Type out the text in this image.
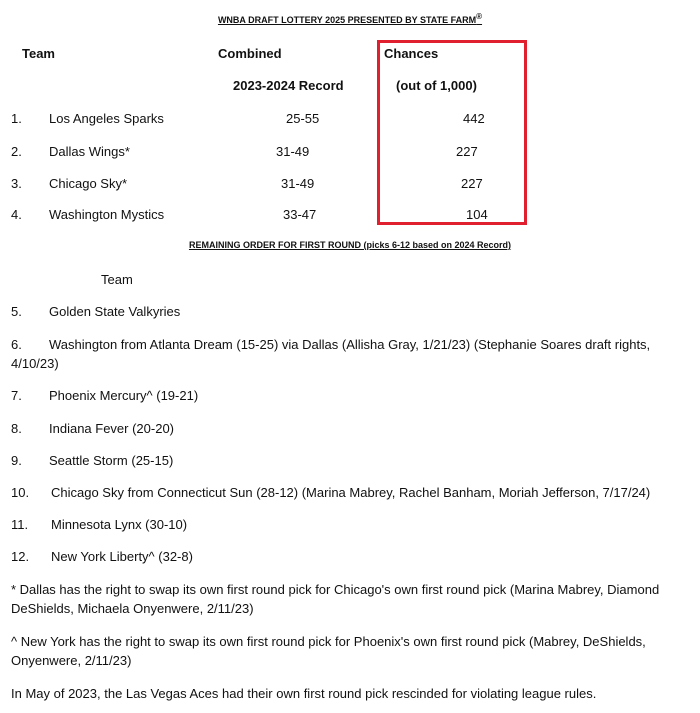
WNBA DRAFT LOTTERY 2025 PRESENTED BY STATE FARM®
Team	Combined	Chances
2023-2024 Record	(out of 1,000)
1. Los Angeles Sparks	25-55	442
2. Dallas Wings*	31-49	227
3. Chicago Sky*	31-49	227
4. Washington Mystics	33-47	104
REMAINING ORDER FOR FIRST ROUND (picks 6-12 based on 2024 Record)
Team
5. Golden State Valkyries
6. Washington from Atlanta Dream (15-25) via Dallas (Allisha Gray, 1/21/23) (Stephanie Soares draft rights,
4/10/23)
7. Phoenix Mercury^ (19-21)
8. Indiana Fever (20-20)
9. Seattle Storm (25-15)
10. Chicago Sky from Connecticut Sun (28-12) (Marina Mabrey, Rachel Banham, Moriah Jefferson, 7/17/24)
11. Minnesota Lynx (30-10)
12. New York Liberty^ (32-8)
* Dallas has the right to swap its own first round pick for Chicago's own first round pick (Marina Mabrey, Diamond
DeShields, Michaela Onyenwere, 2/11/23)
^ New York has the right to swap its own first round pick for Phoenix's own first round pick (Mabrey, DeShields,
Onyenwere, 2/11/23)
In May of 2023, the Las Vegas Aces had their own first round pick rescinded for violating league rules.
